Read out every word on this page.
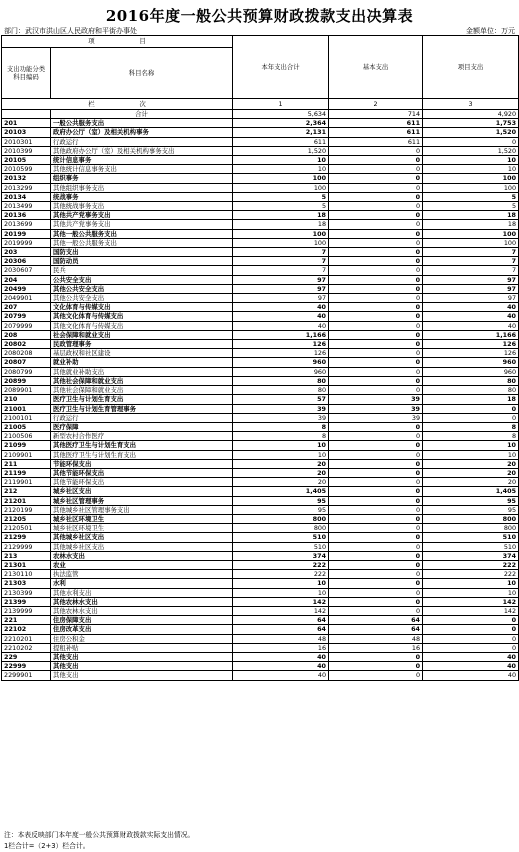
2016年度一般公共预算财政拨款支出决算表
部门：武汉市洪山区人民政府和平街办事处	金额单位：万元
项　　　　　　　目		本年支出合计	基本支出	项目支出
支出功能分类科目编码	科目名称			
栏　　　　　　　次		1	2	3
	合计	5,634	714	4,920
201	一般公共服务支出	2,364	611	1,753
20103	政府办公厅（室）及相关机构事务	2,131	611	1,520
2010301	行政运行	611	611	0
2010399	其他政府办公厅（室）及相关机构事务支出	1,520	0	1,520
20105	统计信息事务	10	0	10
2010599	其他统计信息事务支出	10	0	10
20132	组织事务	100	0	100
2013299	其他组织事务支出	100	0	100
20134	统战事务	5	0	5
2013499	其他统战事务支出	5	0	5
20136	其他共产党事务支出	18	0	18
2013699	其他共产党事务支出	18	0	18
20199	其他一般公共服务支出	100	0	100
2019999	其他一般公共服务支出	100	0	100
203	国防支出	7	0	7
20306	国防动员	7	0	7
2030607	民兵	7	0	7
204	公共安全支出	97	0	97
20499	其他公共安全支出	97	0	97
2049901	其他公共安全支出	97	0	97
207	文化体育与传媒支出	40	0	40
20799	其他文化体育与传媒支出	40	0	40
2079999	其他文化体育与传媒支出	40	0	40
208	社会保障和就业支出	1,166	0	1,166
20802	民政管理事务	126	0	126
2080208	基层政权和社区建设	126	0	126
20807	就业补助	960	0	960
2080799	其他就业补助支出	960	0	960
20899	其他社会保障和就业支出	80	0	80
2089901	其他社会保障和就业支出	80	0	80
210	医疗卫生与计划生育支出	57	39	18
21001	医疗卫生与计划生育管理事务	39	39	0
2100101	行政运行	39	39	0
21005	医疗保障	8	0	8
2100506	新型农村合作医疗	8	0	8
21099	其他医疗卫生与计划生育支出	10	0	10
2109901	其他医疗卫生与计划生育支出	10	0	10
211	节能环保支出	20	0	20
21199	其他节能环保支出	20	0	20
2119901	其他节能环保支出	20	0	20
212	城乡社区支出	1,405	0	1,405
21201	城乡社区管理事务	95	0	95
2120199	其他城乡社区管理事务支出	95	0	95
21205	城乡社区环境卫生	800	0	800
2120501	城乡社区环境卫生	800	0	800
21299	其他城乡社区支出	510	0	510
2129999	其他城乡社区支出	510	0	510
213	农林水支出	374	0	374
21301	农业	222	0	222
2130110	执法监管	222	0	222
21303	水利	10	0	10
2130399	其他水利支出	10	0	10
21399	其他农林水支出	142	0	142
2139999	其他农林水支出	142	0	142
221	住房保障支出	64	64	0
22102	住房改革支出	64	64	0
2210201	住房公积金	48	48	0
2210202	提租补贴	16	16	0
229	其他支出	40	0	40
22999	其他支出	40	0	40
2299901	其他支出	40	0	40
注：本表反映部门本年度一般公共预算财政拨款实际支出情况。
1栏合计=（2+3）栏合计。
